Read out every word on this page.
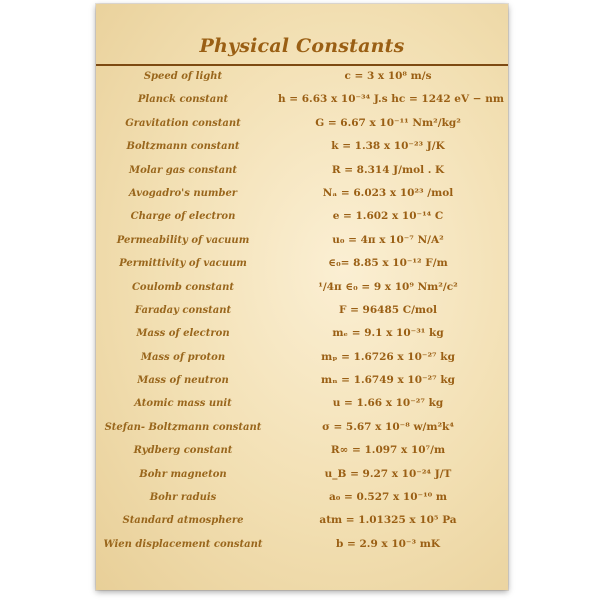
Physical Constants
Speed of light	c = 3 x 10⁸ m/s
Planck constant	h = 6.63 x 10⁻³⁴ J.s hc = 1242 eV − nm
Gravitation constant	G = 6.67 x 10⁻¹¹ Nm²/kg²
Boltzmann constant	k = 1.38 x 10⁻²³ J/K
Molar gas constant	R = 8.314 J/mol . K
Avogadro's number	Nₐ = 6.023 x 10²³ /mol
Charge of electron	e = 1.602 x 10⁻¹⁴ C
Permeability of vacuum	u₀ = 4π x 10⁻⁷ N/A²
Permittivity of vacuum	∈₀= 8.85 x 10⁻¹² F/m
Coulomb constant	¹/4π ∈₀ = 9 x 10⁹ Nm²/c²
Faraday constant	F = 96485 C/mol
Mass of electron	mₑ = 9.1 x 10⁻³¹ kg
Mass of proton	mₚ = 1.6726 x 10⁻²⁷ kg
Mass of neutron	mₙ = 1.6749 x 10⁻²⁷ kg
Atomic mass unit	u = 1.66 x 10⁻²⁷ kg
Stefan- Boltzmann constant	σ = 5.67 x 10⁻⁸ w/m²k⁴
Rydberg constant	R∞ = 1.097 x 10⁷/m
Bohr magneton	u_B = 9.27 x 10⁻²⁴ J/T
Bohr raduis	a₀ = 0.527 x 10⁻¹⁰ m
Standard atmosphere	atm = 1.01325 x 10⁵ Pa
Wien displacement constant	b = 2.9 x 10⁻³ mK
